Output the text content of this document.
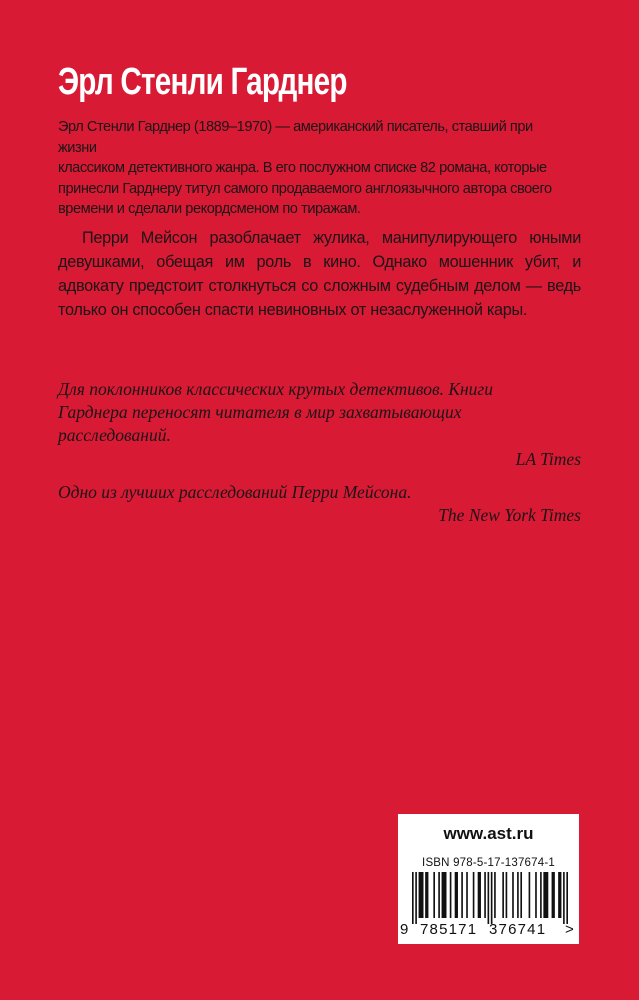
Эрл Стенли Гарднер

Эрл Стенли Гарднер (1889–1970) — американский писатель, ставший при жизни
классиком детективного жанра. В его послужном списке 82 романа, которые
принесли Гарднеру титул самого продаваемого англоязычного автора своего
времени и сделали рекордсменом по тиражам.

Перри Мейсон разоблачает жулика, манипулирующего юными девушками, обещая им роль в кино. Однако мошенник убит, и адвокату предстоит столкнуться со сложным судебным делом — ведь только он способен спасти невиновных от незаслуженной кары.

Для поклонников классических крутых детективов. Книги
Гарднера переносят читателя в мир захватывающих
расследований.
LA Times
Одно из лучших расследований Перри Мейсона.
The New York Times
www.ast.ru
ISBN 978-5-17-137674-1
9 785171 376741 >
